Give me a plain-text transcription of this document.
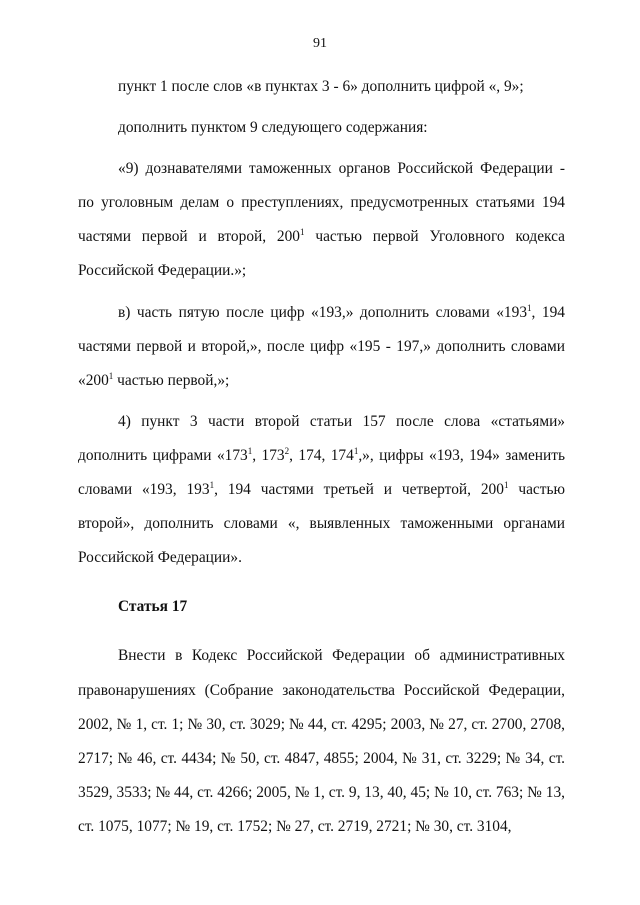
91

пункт 1 после слов «в пунктах 3 - 6» дополнить цифрой «, 9»;

дополнить пунктом 9 следующего содержания:

«9) дознавателями таможенных органов Российской Федерации - по уголовным делам о преступлениях, предусмотренных статьями 194 частями первой и второй, $200^1$ частью первой Уголовного кодекса Российской Федерации.»;

в) часть пятую после цифр «193,» дополнить словами «$193^1$, 194 частями первой и второй,», после цифр «195 - 197,» дополнить словами «$200^1$ частью первой,»;

4) пункт 3 части второй статьи 157 после слова «статьями» дополнить цифрами «$173^1$, $173^2$, 174, $174^1$,», цифры «193, 194» заменить словами «193, $193^1$, 194 частями третьей и четвертой, $200^1$ частью второй», дополнить словами «, выявленных таможенными органами Российской Федерации».

Статья 17

Внести в Кодекс Российской Федерации об административных правонарушениях (Собрание законодательства Российской Федерации, 2002, № 1, ст. 1; № 30, ст. 3029; № 44, ст. 4295; 2003, № 27, ст. 2700, 2708, 2717; № 46, ст. 4434; № 50, ст. 4847, 4855; 2004, № 31, ст. 3229; № 34, ст. 3529, 3533; № 44, ст. 4266; 2005, № 1, ст. 9, 13, 40, 45; № 10, ст. 763; № 13, ст. 1075, 1077; № 19, ст. 1752; № 27, ст. 2719, 2721; № 30, ст. 3104,
